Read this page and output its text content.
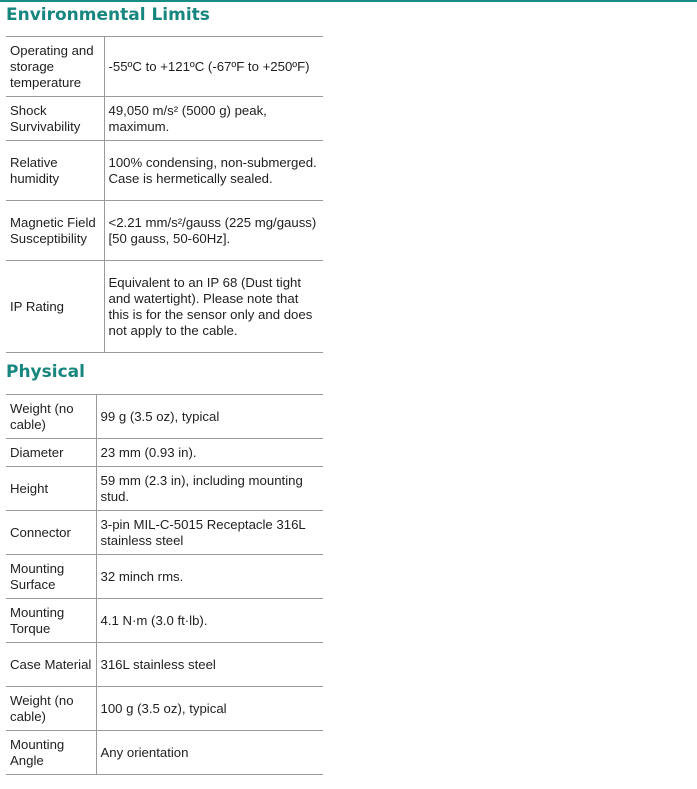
Environmental Limits
Operating and storage temperature	-55ºC to +121ºC (-67ºF to +250ºF)
Shock Survivability	49,050 m/s² (5000 g) peak, maximum.
Relative humidity	100% condensing, non-submerged. Case is hermetically sealed.
Magnetic Field Susceptibility	<2.21 mm/s²/gauss (225 mg/gauss) [50 gauss, 50-60Hz].
IP Rating	Equivalent to an IP 68 (Dust tight and watertight). Please note that this is for the sensor only and does not apply to the cable.
Physical
Weight (no cable)	99 g (3.5 oz), typical
Diameter	23 mm (0.93 in).
Height	59 mm (2.3 in), including mounting stud.
Connector	3-pin MIL-C-5015 Receptacle 316L stainless steel
Mounting Surface	32 minch rms.
Mounting Torque	4.1 N·m (3.0 ft·lb).
Case Material	316L stainless steel
Weight (no cable)	100 g (3.5 oz), typical
Mounting Angle	Any orientation
